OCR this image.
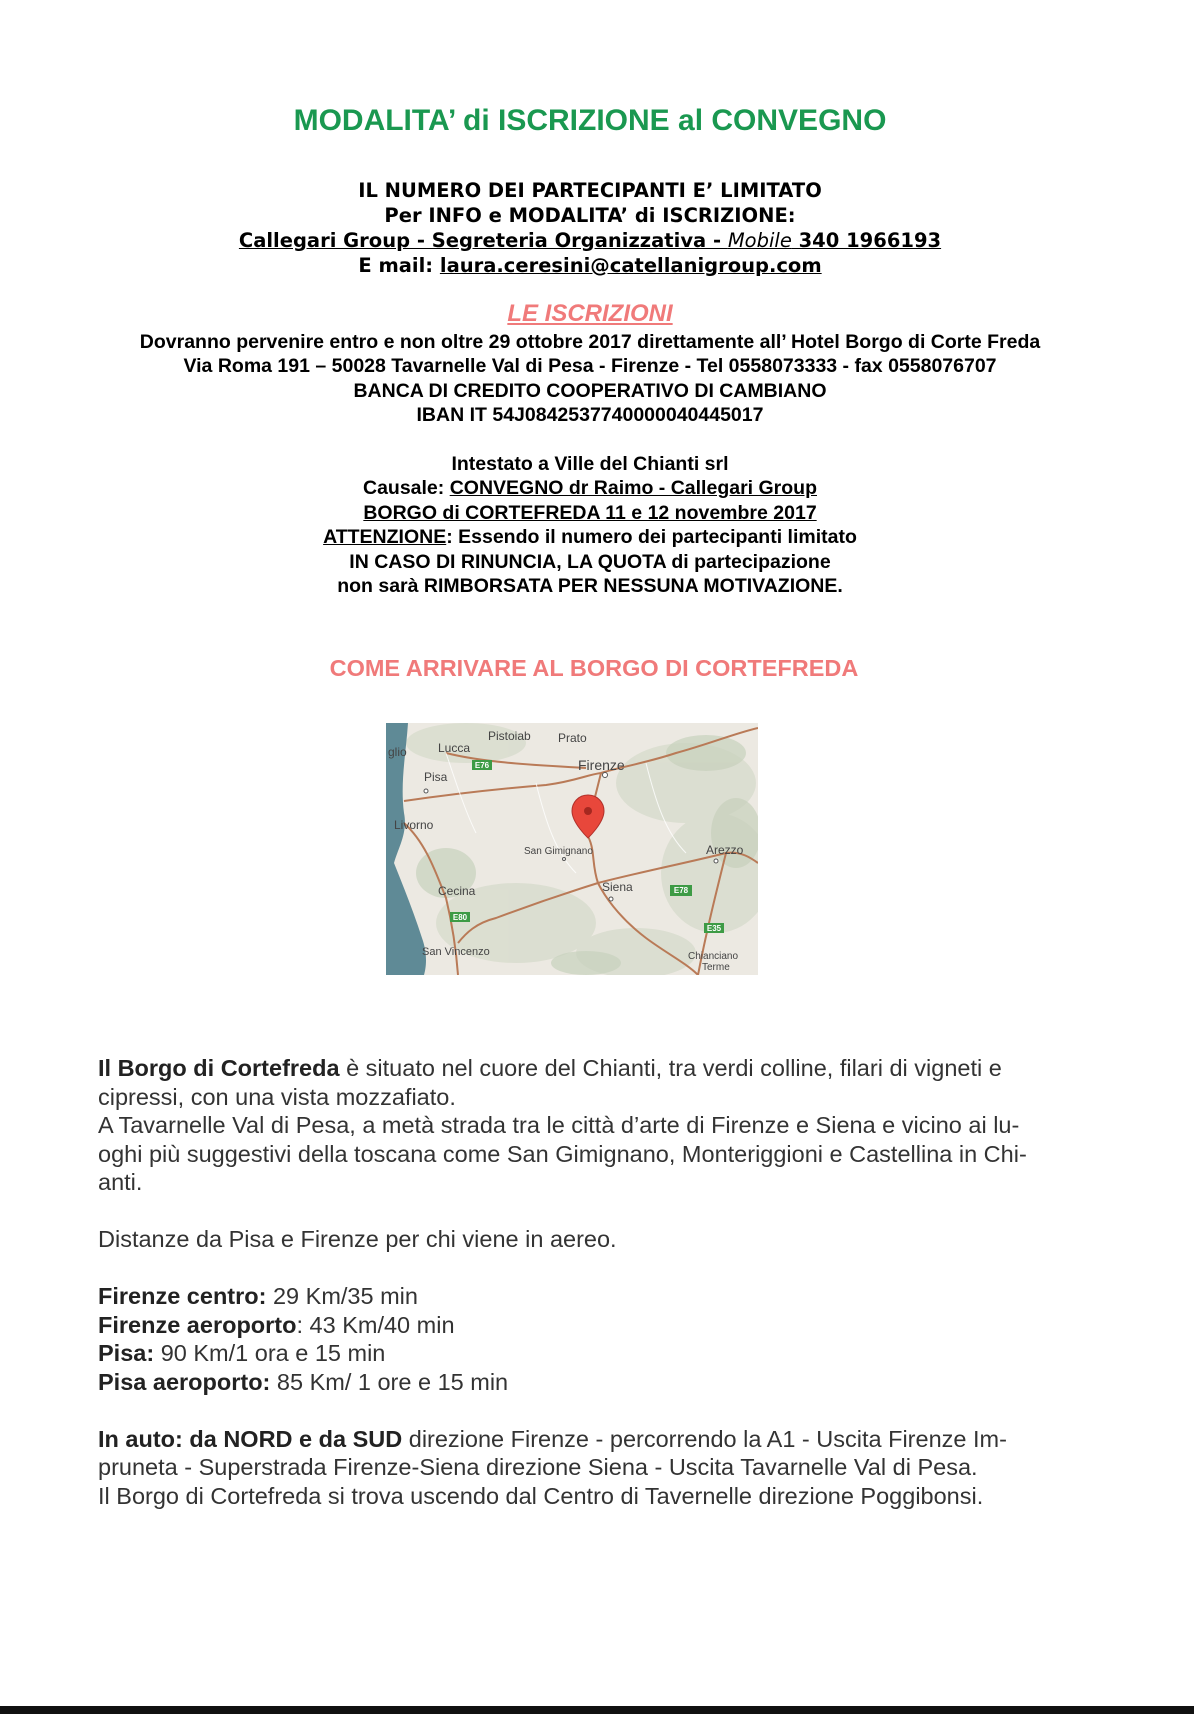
MODALITA’ di ISCRIZIONE al CONVEGNO
IL NUMERO DEI PARTECIPANTI E’ LIMITATO
Per INFO e MODALITA’ di ISCRIZIONE:
Callegari Group - Segreteria Organizzativa - Mobile 340 1966193
E mail: laura.ceresini@catellanigroup.com
LE ISCRIZIONI
Dovranno pervenire entro e non oltre 29 ottobre 2017 direttamente all’ Hotel Borgo di Corte Freda
Via Roma 191 – 50028 Tavarnelle Val di Pesa - Firenze - Tel 0558073333 - fax 0558076707
BANCA DI CREDITO COOPERATIVO DI CAMBIANO
IBAN IT 54J0842537740000040445017
Intestato a Ville del Chianti srl
Causale: CONVEGNO dr Raimo - Callegari Group
BORGO di CORTEFREDA 11 e 12 novembre 2017
ATTENZIONE: Essendo il numero dei partecipanti limitato
IN CASO DI RINUNCIA, LA QUOTA di partecipazione
non sarà RIMBORSATA PER NESSUNA MOTIVAZIONE.
COME ARRIVARE AL BORGO DI CORTEFREDA
E76
E78
E80
E35
Pistoiab Prato
Lucca
glio
Pisa
Firenze
Livorno
San Gimignano	Arezzo
Cecina	Siena
San Vincenzo	Chianciano
Terme
Il Borgo di Cortefreda è situato nel cuore del Chianti, tra verdi colline, filari di vigneti e
cipressi, con una vista mozzafiato.
A Tavarnelle Val di Pesa, a metà strada tra le città d’arte di Firenze e Siena e vicino ai lu-
oghi più suggestivi della toscana come San Gimignano, Monteriggioni e Castellina in Chi-
anti.
Distanze da Pisa e Firenze per chi viene in aereo.
Firenze centro: 29 Km/35 min
Firenze aeroporto: 43 Km/40 min
Pisa: 90 Km/1 ora e 15 min
Pisa aeroporto: 85 Km/ 1 ore e 15 min
In auto: da NORD e da SUD direzione Firenze - percorrendo la A1 - Uscita Firenze Im-
pruneta - Superstrada Firenze-Siena direzione Siena - Uscita Tavarnelle Val di Pesa.
Il Borgo di Cortefreda si trova uscendo dal Centro di Tavernelle direzione Poggibonsi.
